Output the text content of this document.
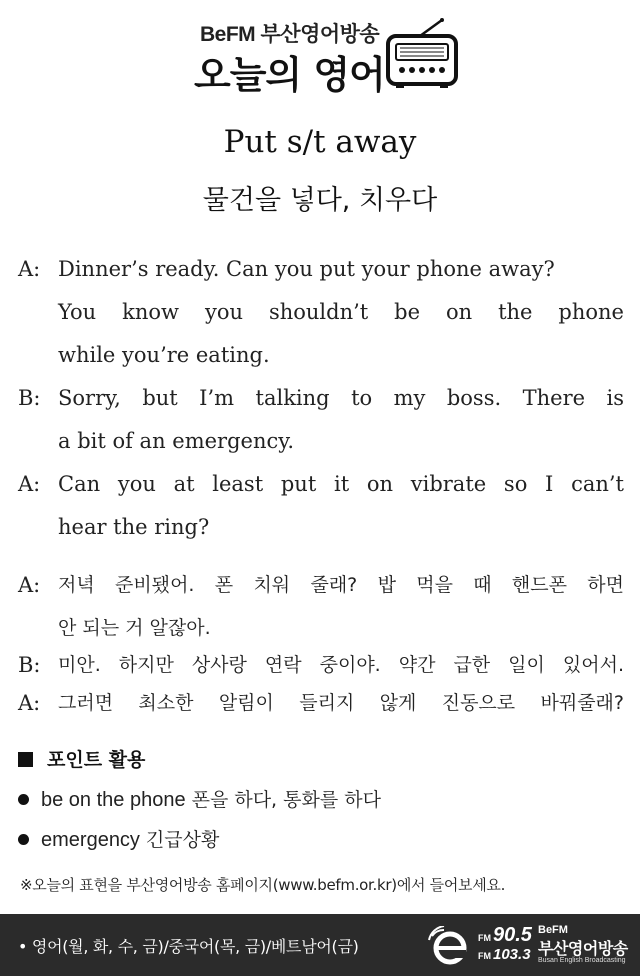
BeFM 부산영어방송
오늘의 영어
Put s/t away
물건을 넣다, 치우다
A: Dinner’s ready. Can you put your phone away?
You know you shouldn’t be on the phone
while you’re eating.
B: Sorry, but I’m talking to my boss. There is
a bit of an emergency.
A: Can you at least put it on vibrate so I can’t
hear the ring?
A: 저녁 준비됐어. 폰 치워 줄래? 밥 먹을 때 핸드폰 하면
안 되는 거 알잖아.
B: 미안. 하지만 상사랑 연락 중이야. 약간 급한 일이 있어서.
A: 그러면 최소한 알림이 들리지 않게 진동으로 바꿔줄래?
포인트 활용
be on the phone 폰을 하다, 통화를 하다
emergency 긴급상황
※오늘의 표현을 부산영어방송 홈페이지(www.befm.or.kr)에서 들어보세요.
• 영어(월, 화, 수, 금)/중국어(목, 금)/베트남어(금)	FM 90.5
FM 103.3
BeFM
부산영어방송
Busan English Broadcasting
